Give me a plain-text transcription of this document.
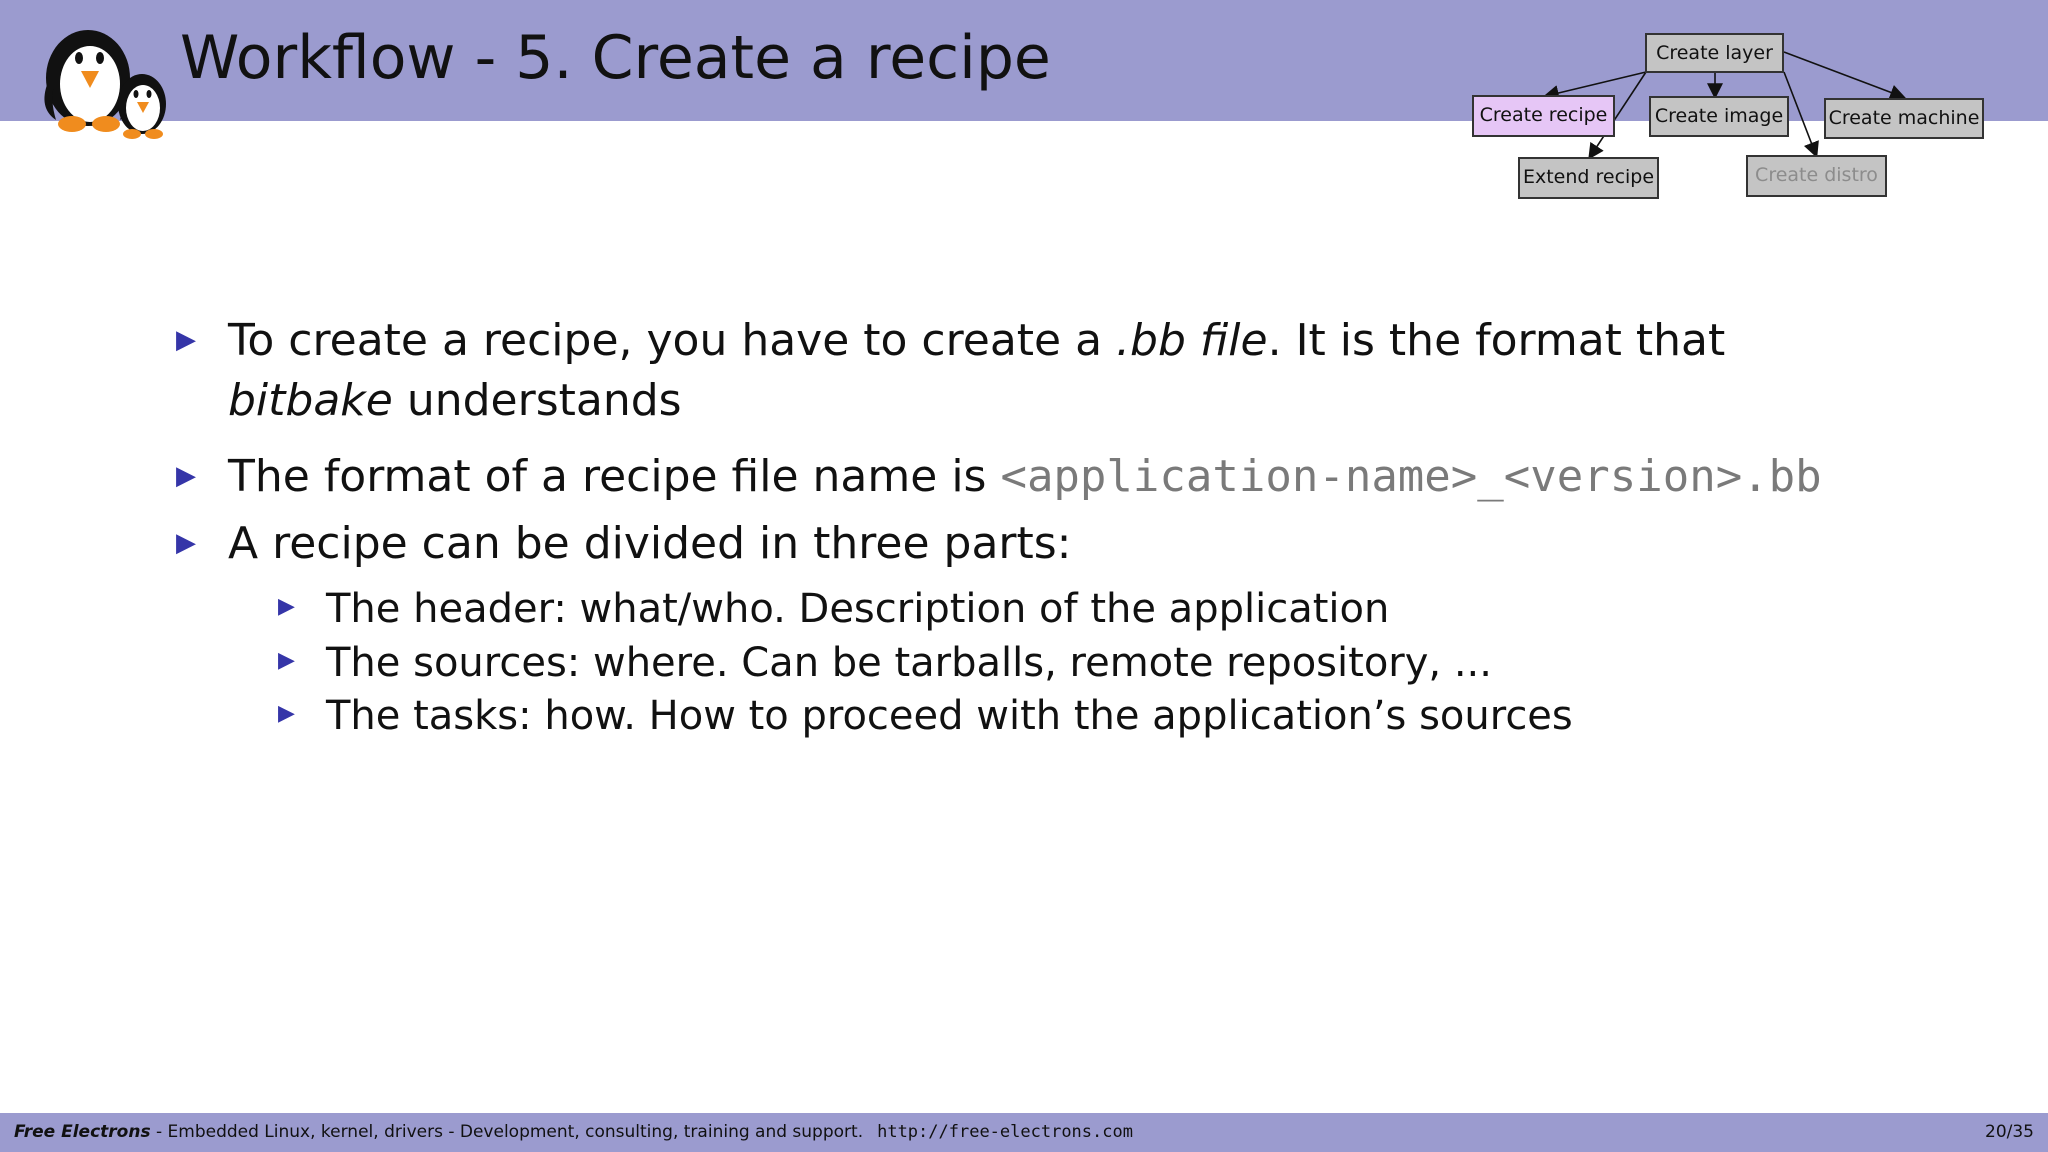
Workflow - 5. Create a recipe	Create layer
Create recipe	Create image	Create machine
Extend recipe	Create distro
▶ To create a recipe, you have to create a .bb file. It is the format that bitbake understands
▶ The format of a recipe file name is <application-name>_<version>.bb
▶ A recipe can be divided in three parts:
▶ The header: what/who. Description of the application
▶ The sources: where. Can be tarballs, remote repository, ...
▶ The tasks: how. How to proceed with the application’s sources
Free Electrons - Embedded Linux, kernel, drivers - Development, consulting, training and support. http://free-electrons.com	20/35
